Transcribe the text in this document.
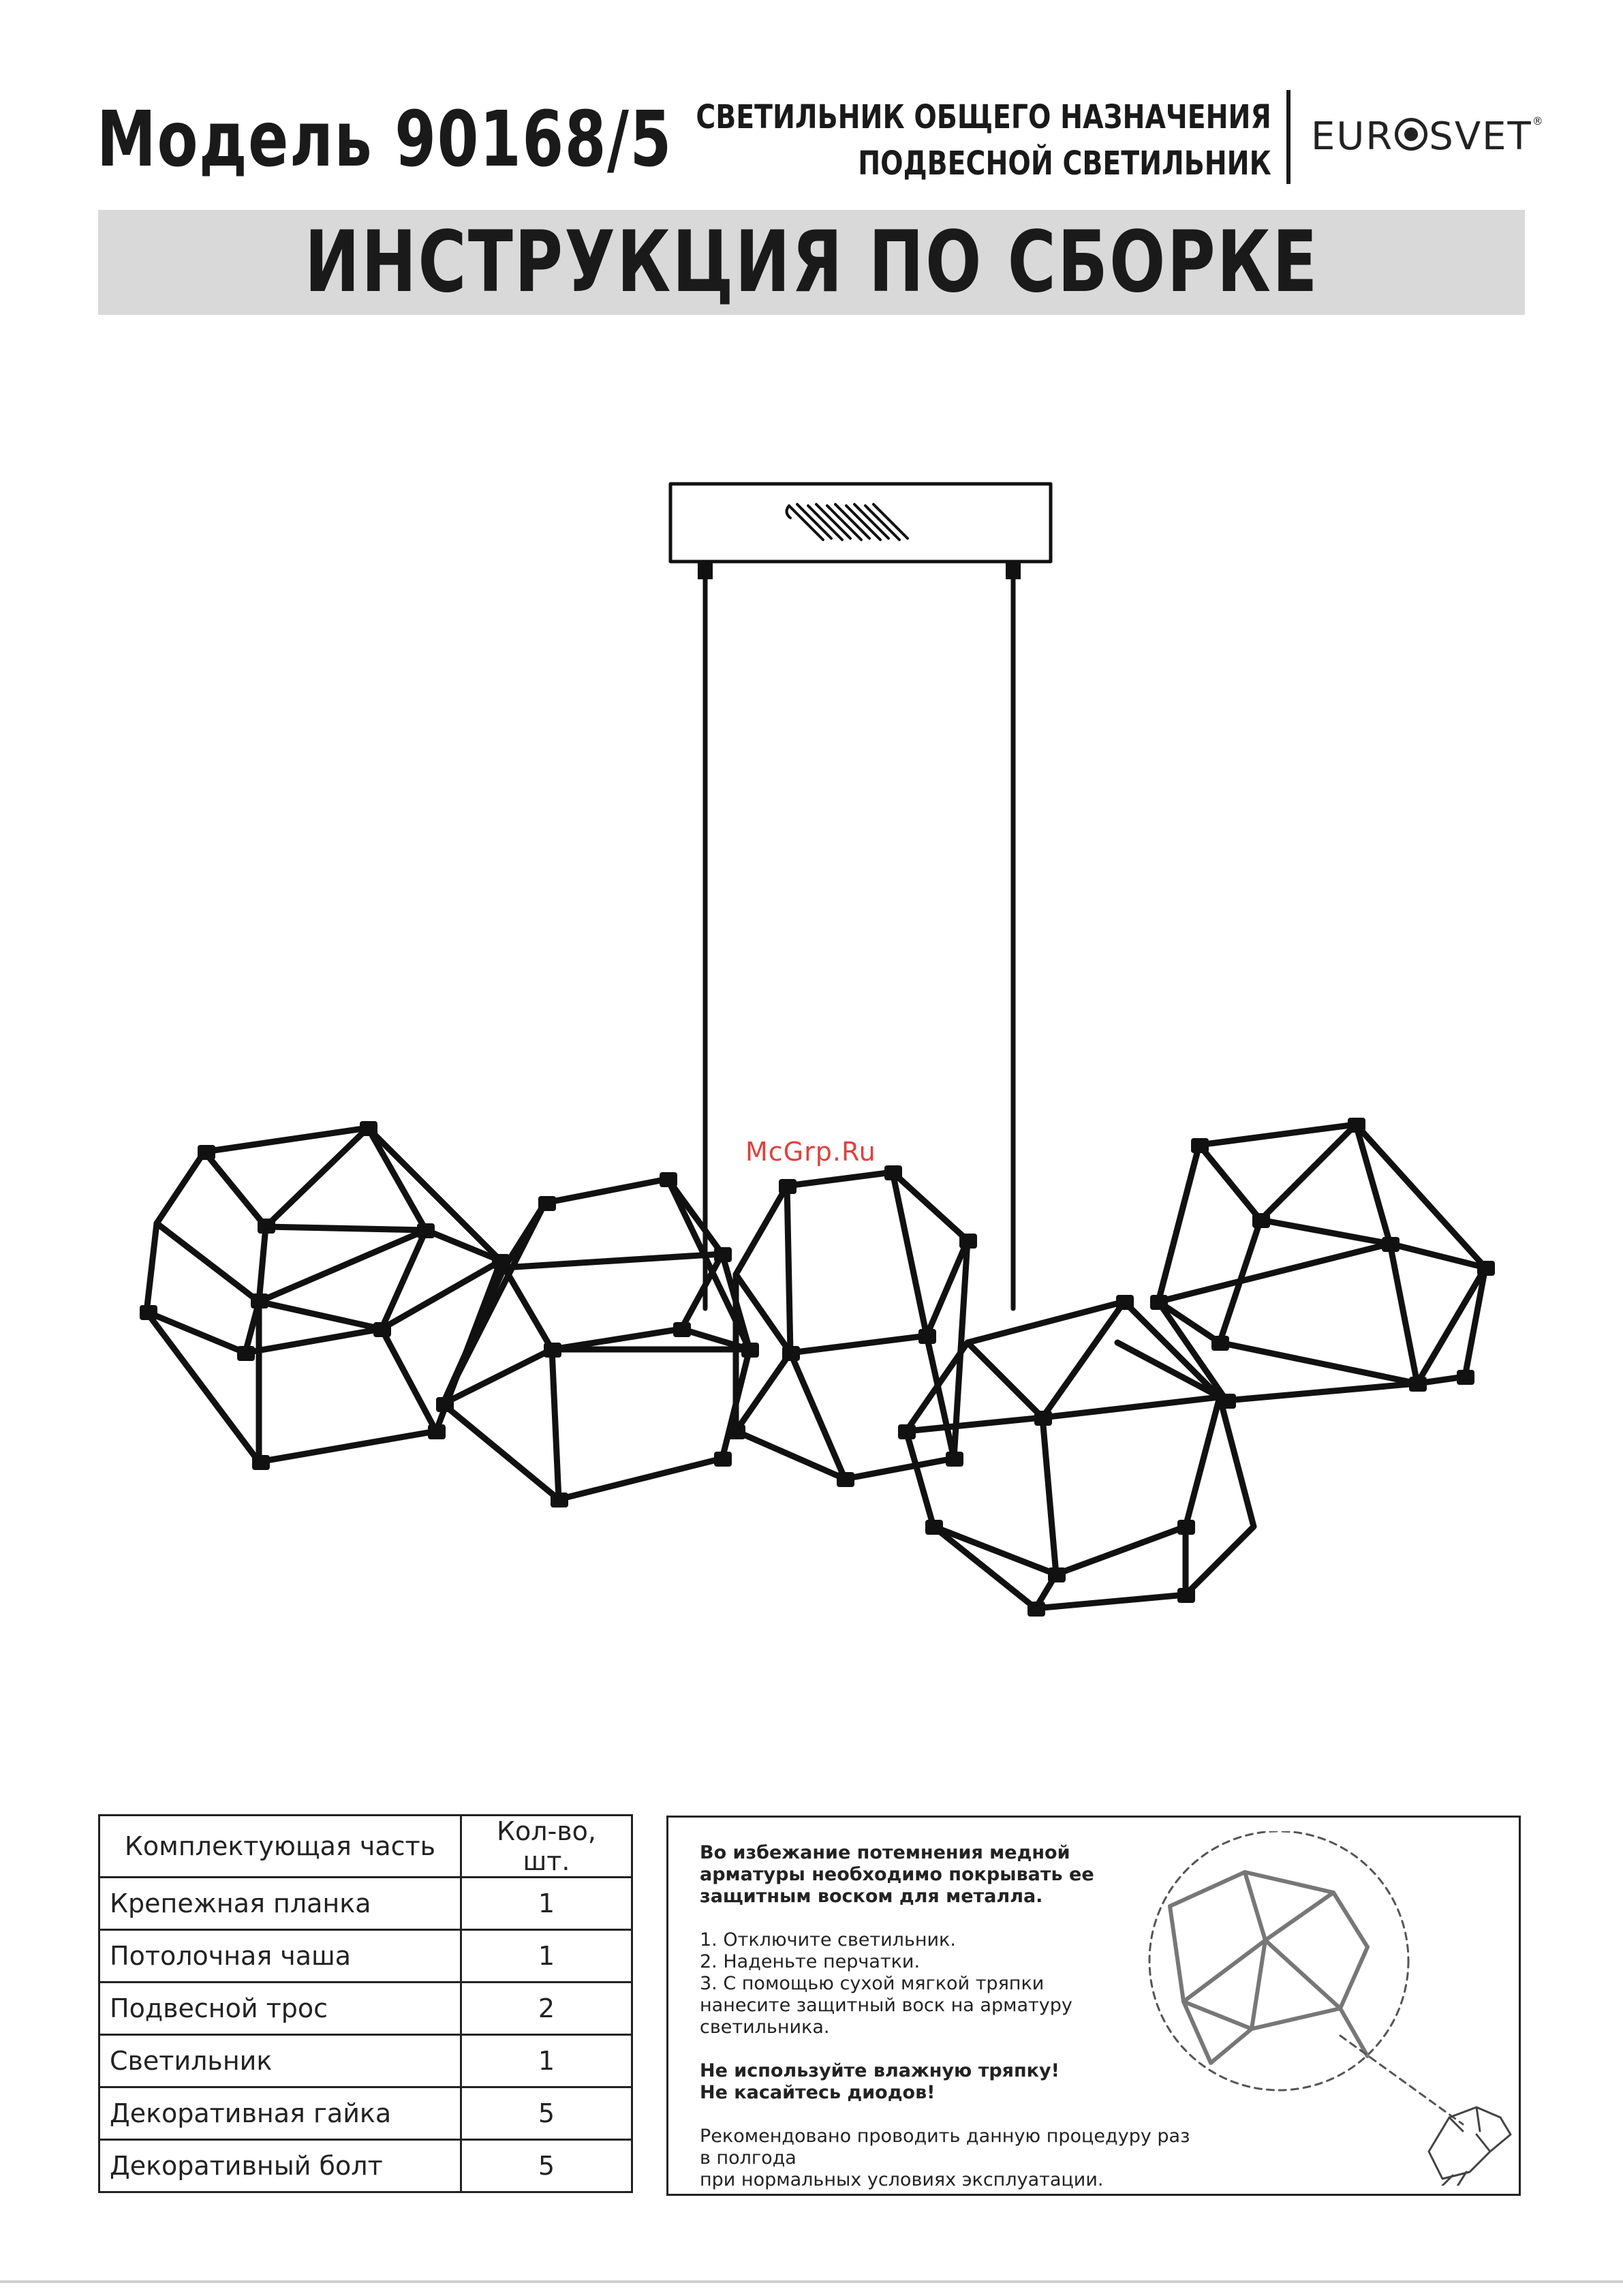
Модель 90168/5 СВЕТИЛЬНИК ОБЩЕГО НАЗНАЧЕНИЯ
ПОДВЕСНОЙ СВЕТИЛЬНИК
EUR SVET®
ИНСТРУКЦИЯ ПО СБОРКЕ
McGrp.Ru
Комплектующая часть	Кол-во, шт.
Крепежная планка	1
Потолочная чаша	1
Подвесной трос	2
Светильник	1
Декоративная гайка	5
Декоративный болт	5

Во избежание потемнения медной
арматуры необходимо покрывать ее
защитным воском для металла.

1. Отключите светильник.
2. Наденьте перчатки.
3. С помощью сухой мягкой тряпки
нанесите защитный воск на арматуру
светильника.

Не используйте влажную тряпку!
Не касайтесь диодов!

Рекомендовано проводить данную процедуру раз в полгода
при нормальных условиях эксплуатации.
